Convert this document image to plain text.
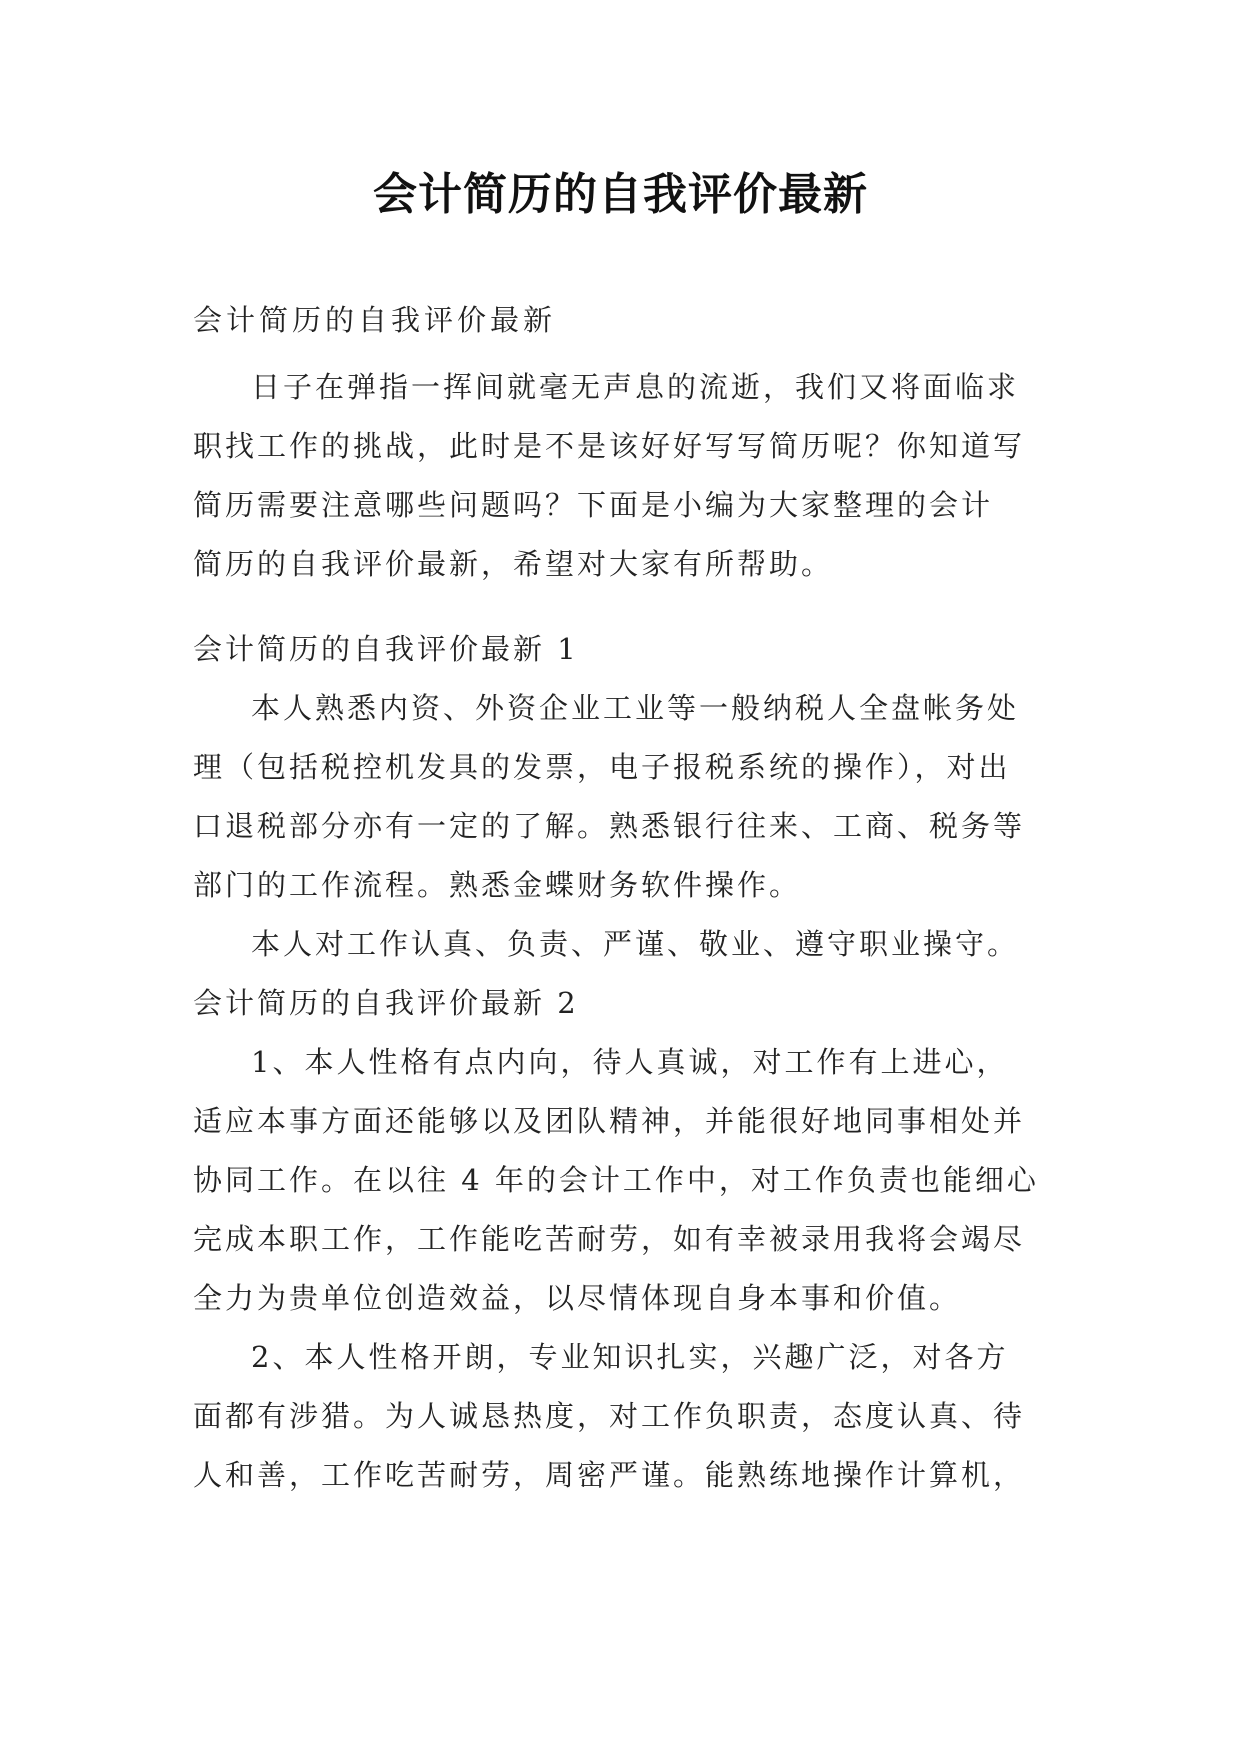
会计简历的自我评价最新
会计简历的自我评价最新
日子在弹指一挥间就毫无声息的流逝，我们又将面临求
职找工作的挑战，此时是不是该好好写写简历呢？你知道写
简历需要注意哪些问题吗？下面是小编为大家整理的会计
简历的自我评价最新，希望对大家有所帮助。
会计简历的自我评价最新 1
本人熟悉内资、外资企业工业等一般纳税人全盘帐务处
理（包括税控机发具的发票，电子报税系统的操作），对出
口退税部分亦有一定的了解。熟悉银行往来、工商、税务等
部门的工作流程。熟悉金蝶财务软件操作。
本人对工作认真、负责、严谨、敬业、遵守职业操守。
会计简历的自我评价最新 2
1、本人性格有点内向，待人真诚，对工作有上进心，
适应本事方面还能够以及团队精神，并能很好地同事相处并
协同工作。在以往 4 年的会计工作中，对工作负责也能细心
完成本职工作，工作能吃苦耐劳，如有幸被录用我将会竭尽
全力为贵单位创造效益，以尽情体现自身本事和价值。
2、本人性格开朗，专业知识扎实，兴趣广泛，对各方
面都有涉猎。为人诚恳热度，对工作负职责，态度认真、待
人和善，工作吃苦耐劳，周密严谨。能熟练地操作计算机，
